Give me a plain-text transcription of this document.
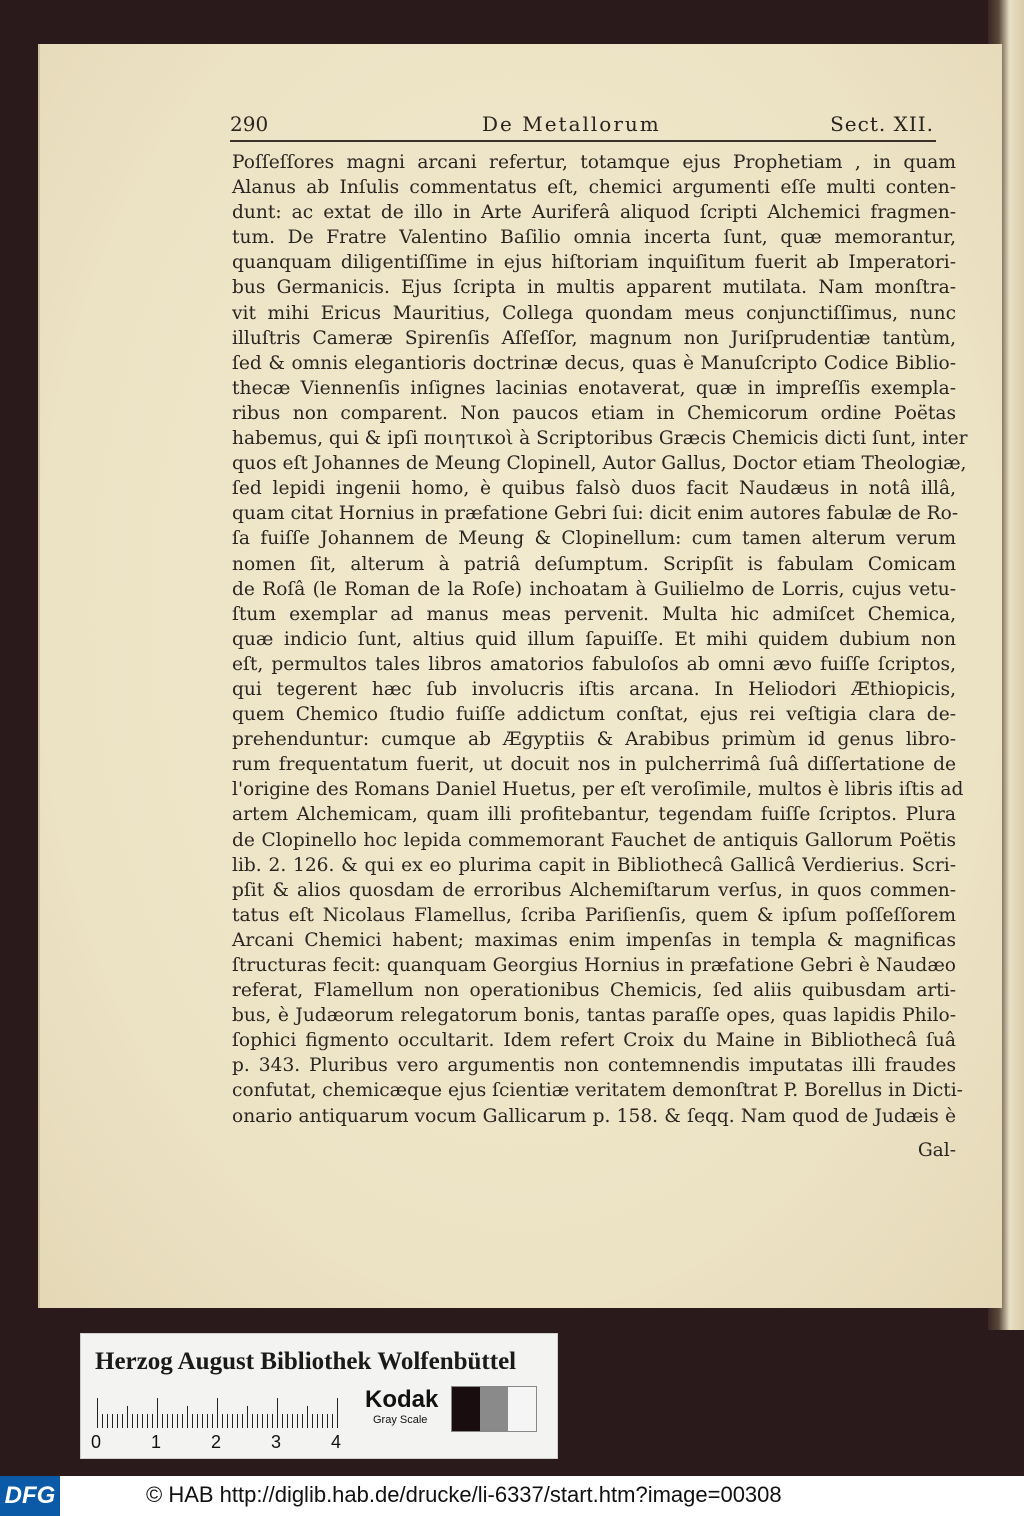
290	De Metallorum	Sect. XII.
Poſſeſſores magni arcani refertur, totamque ejus Prophetiam , in quam
Alanus ab Inſulis commentatus eſt, chemici argumenti eſſe multi conten-
dunt: ac extat de illo in Arte Auriferâ aliquod ſcripti Alchemici fragmen-
tum. De Fratre Valentino Baſilio omnia incerta ſunt, quæ memorantur,
quanquam diligentiſſime in ejus hiſtoriam inquiſitum fuerit ab Imperatori-
bus Germanicis. Ejus ſcripta in multis apparent mutilata. Nam monſtra-
vit mihi Ericus Mauritius, Collega quondam meus conjunctiſſimus, nunc
illuſtris Cameræ Spirenſis Aſſeſſor, magnum non Juriſprudentiæ tantùm,
ſed & omnis elegantioris doctrinæ decus, quas è Manuſcripto Codice Biblio-
thecæ Viennenſis inſignes lacinias enotaverat, quæ in impreſſis exempla-
ribus non comparent. Non paucos etiam in Chemicorum ordine Poëtas
habemus, qui & ipſi ποιητικοὶ à Scriptoribus Græcis Chemicis dicti ſunt, inter
quos eſt Johannes de Meung Clopinell, Autor Gallus, Doctor etiam Theologiæ,
ſed lepidi ingenii homo, è quibus falsò duos facit Naudæus in notâ illâ,
quam citat Hornius in præfatione Gebri ſui: dicit enim autores fabulæ de Ro-
ſa fuiſſe Johannem de Meung & Clopinellum: cum tamen alterum verum
nomen ſit, alterum à patriâ deſumptum. Scripſit is fabulam Comicam
de Roſâ (le Roman de la Roſe) inchoatam à Guilielmo de Lorris, cujus vetu-
ſtum exemplar ad manus meas pervenit. Multa hic admiſcet Chemica,
quæ indicio ſunt, altius quid illum ſapuiſſe. Et mihi quidem dubium non
eſt, permultos tales libros amatorios fabuloſos ab omni ævo fuiſſe ſcriptos,
qui tegerent hæc ſub involucris iſtis arcana. In Heliodori Æthiopicis,
quem Chemico ſtudio fuiſſe addictum conſtat, ejus rei veſtigia clara de-
prehenduntur: cumque ab Ægyptiis & Arabibus primùm id genus libro-
rum frequentatum fuerit, ut docuit nos in pulcherrimâ ſuâ diſſertatione de
l'origine des Romans Daniel Huetus, per eſt veroſimile, multos è libris iſtis ad
artem Alchemicam, quam illi profitebantur, tegendam fuiſſe ſcriptos. Plura
de Clopinello hoc lepida commemorant Fauchet de antiquis Gallorum Poëtis
lib. 2. 126. & qui ex eo plurima capit in Bibliothecâ Gallicâ Verdierius. Scri-
pſit & alios quosdam de erroribus Alchemiſtarum verſus, in quos commen-
tatus eſt Nicolaus Flamellus, ſcriba Pariſienſis, quem & ipſum poſſeſſorem
Arcani Chemici habent; maximas enim impenſas in templa & magnificas
ſtructuras fecit: quanquam Georgius Hornius in præfatione Gebri è Naudæo
referat, Flamellum non operationibus Chemicis, ſed aliis quibusdam arti-
bus, è Judæorum relegatorum bonis, tantas paraſſe opes, quas lapidis Philo-
ſophici figmento occultarit. Idem refert Croix du Maine in Bibliothecâ ſuâ
p. 343. Pluribus vero argumentis non contemnendis imputatas illi fraudes
confutat, chemicæque ejus ſcientiæ veritatem demonſtrat P. Borellus in Dicti-
onario antiquarum vocum Gallicarum p. 158. & ſeqq. Nam quod de Judæis è
Gal-
Herzog August Bibliothek Wolfenbüttel
0	1	2	3	4
Kodak
Gray Scale
DFG	© HAB http://diglib.hab.de/drucke/li-6337/start.htm?image=00308
